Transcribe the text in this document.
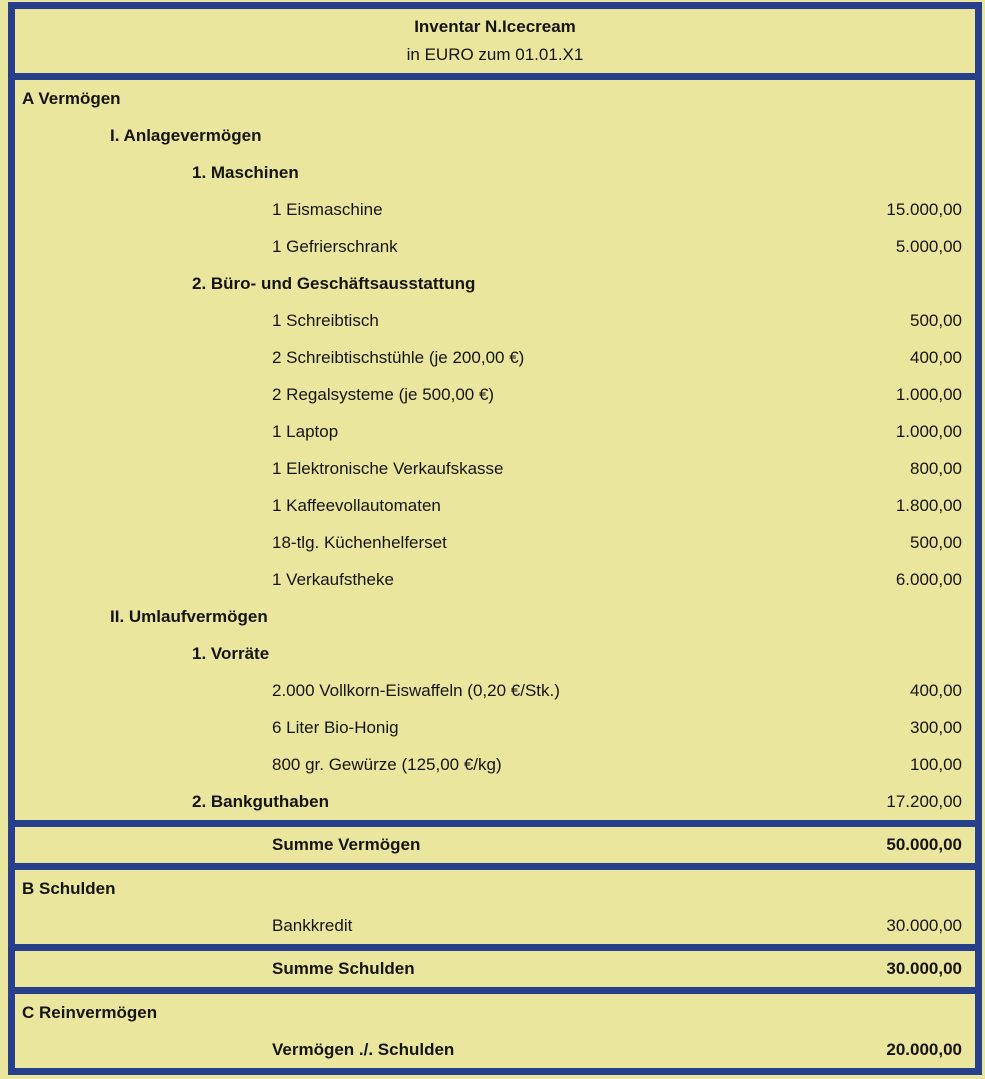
Inventar N.Icecream
in EURO zum 01.01.X1
A Vermögen
I. Anlagevermögen
1. Maschinen
1 Eismaschine	15.000,00
1 Gefrierschrank	5.000,00
2. Büro- und Geschäftsausstattung
1 Schreibtisch	500,00
2 Schreibtischstühle (je 200,00 €)	400,00
2 Regalsysteme (je 500,00 €)	1.000,00
1 Laptop	1.000,00
1 Elektronische Verkaufskasse	800,00
1 Kaffeevollautomaten	1.800,00
18-tlg. Küchenhelferset	500,00
1 Verkaufstheke	6.000,00
II. Umlaufvermögen
1. Vorräte
2.000 Vollkorn-Eiswaffeln (0,20 €/Stk.)	400,00
6 Liter Bio-Honig	300,00
800 gr. Gewürze (125,00 €/kg)	100,00
2. Bankguthaben	17.200,00
Summe Vermögen	50.000,00
B Schulden
Bankkredit	30.000,00
Summe Schulden	30.000,00
C Reinvermögen
Vermögen ./. Schulden	20.000,00
